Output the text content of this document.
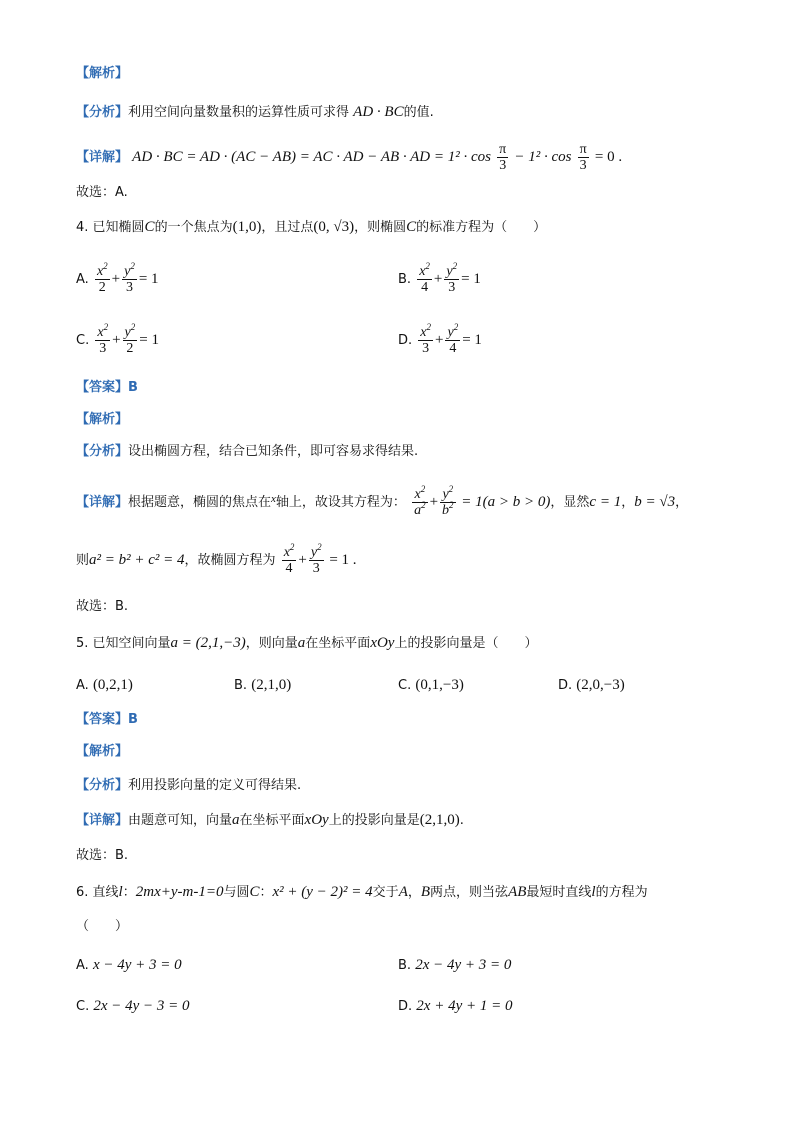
【解析】
【分析】利用空间向量数量积的运算性质可求得 AD · BC的值.
【详解】 AD · BC = AD · (AC − AB) = AC · AD − AB · AD = $1^2 \cdot \cos \frac{\pi}{3} - 1^2 \cdot \cos \frac{\pi}{3} = 0$ .
故选：A.
4. 已知椭圆C的一个焦点为(1,0)，且过点(0, √3)，则椭圆C的标准方程为（　　）
A. $\frac{x^2}{2} + \frac{y^2}{3} = 1$	B. $\frac{x^2}{4} + \frac{y^2}{3} = 1$
C. $\frac{x^2}{3} + \frac{y^2}{2} = 1$	D. $\frac{x^2}{3} + \frac{y^2}{4} = 1$
【答案】B
【解析】
【分析】设出椭圆方程，结合已知条件，即可容易求得结果.
【详解】根据题意，椭圆的焦点在$^x$轴上，故设其方程为： $\frac{x^2}{a^2} + \frac{y^2}{b^2} = 1(a > b > 0)$，显然c = 1，b = √3，
则a² = b² + c² = 4，故椭圆方程为 $\frac{x^2}{4} + \frac{y^2}{3} = 1$ .
故选：B.
5. 已知空间向量a = (2,1,−3)，则向量a在坐标平面xOy上的投影向量是（　　）
A. (0,2,1)	B. (2,1,0)	C. (0,1,−3)	D. (2,0,−3)
【答案】B
【解析】
【分析】利用投影向量的定义可得结果.
【详解】由题意可知，向量a在坐标平面xOy上的投影向量是(2,1,0).
故选：B.
6. 直线l：2mx+y-m-1=0与圆C：x² + (y − 2)² = 4交于A，B两点，则当弦AB最短时直线l的方程为
（　　）
A. x − 4y + 3 = 0	B. 2x − 4y + 3 = 0
C. 2x − 4y − 3 = 0	D. 2x + 4y + 1 = 0
